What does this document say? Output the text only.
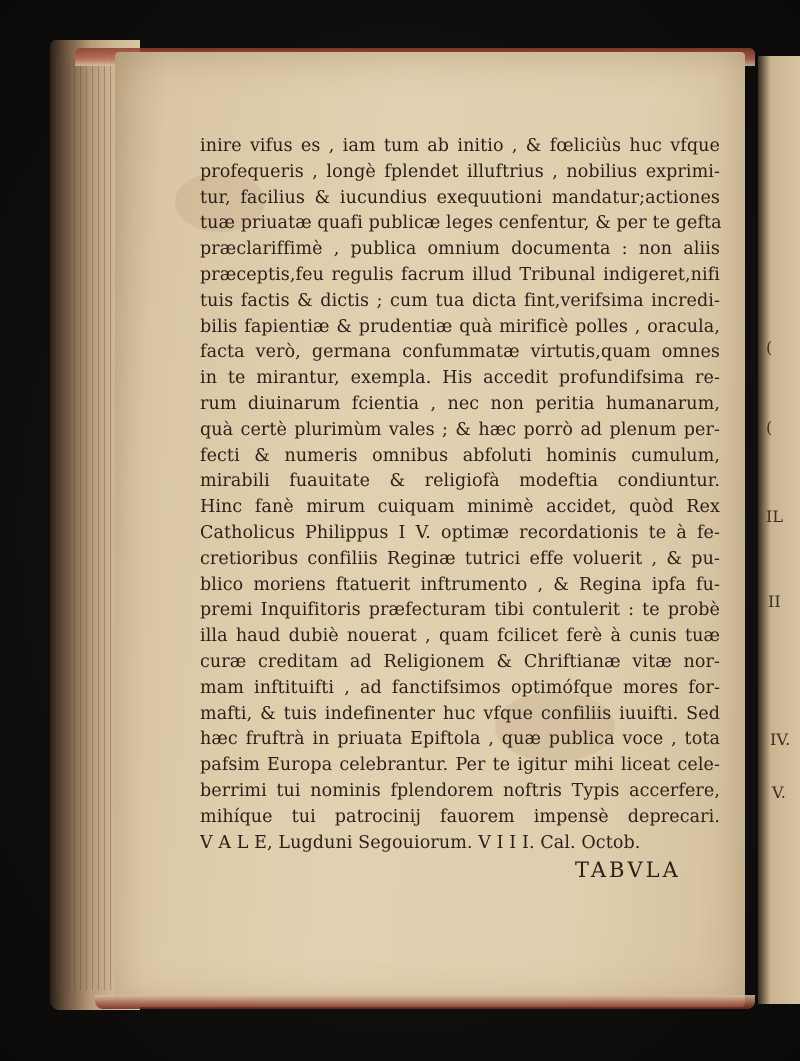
inire vifus es , iam tum ab initio , & fœliciùs huc vfque
profequeris , longè fplendet illuftrius , nobilius exprimi-
tur, facilius & iucundius exequutioni mandatur;actiones
tuæ priuatæ quafi publicæ leges cenfentur, & per te gefta
præclariffimè , publica omnium documenta : non aliis
præceptis,feu regulis facrum illud Tribunal indigeret,nifi
tuis factis & dictis ; cum tua dicta fint,verifsima incredi-
bilis fapientiæ & prudentiæ quà mirificè polles , oracula,
facta verò, germana confummatæ virtutis,quam omnes
in te mirantur, exempla. His accedit profundifsima re-
rum diuinarum fcientia , nec non peritia humanarum,
quà certè plurimùm vales ; & hæc porrò ad plenum per-
fecti & numeris omnibus abfoluti hominis cumulum,
mirabili fuauitate & religiofà modeftia condiuntur.
Hinc fanè mirum cuiquam minimè accidet, quòd Rex
Catholicus Philippus I V. optimæ recordationis te à fe-
cretioribus confiliis Reginæ tutrici effe voluerit , & pu-
blico moriens ftatuerit inftrumento , & Regina ipfa fu-
premi Inquifitoris præfecturam tibi contulerit : te probè
illa haud dubiè nouerat , quam fcilicet ferè à cunis tuæ
curæ creditam ad Religionem & Chriftianæ vitæ nor-
mam inftituifti , ad fanctifsimos optimófque mores for-
mafti, & tuis indefinenter huc vfque confiliis iuuifti. Sed
hæc fruftrà in priuata Epiftola , quæ publica voce , tota
pafsim Europa celebrantur. Per te igitur mihi liceat cele-
berrimi tui nominis fplendorem noftris Typis accerfere,
mihíque tui patrocinij fauorem impensè deprecari.
V A L E, Lugduni Segouiorum. V I I I. Cal. Octob.
TABVLA
(
(
IL
II
IV.
V.
